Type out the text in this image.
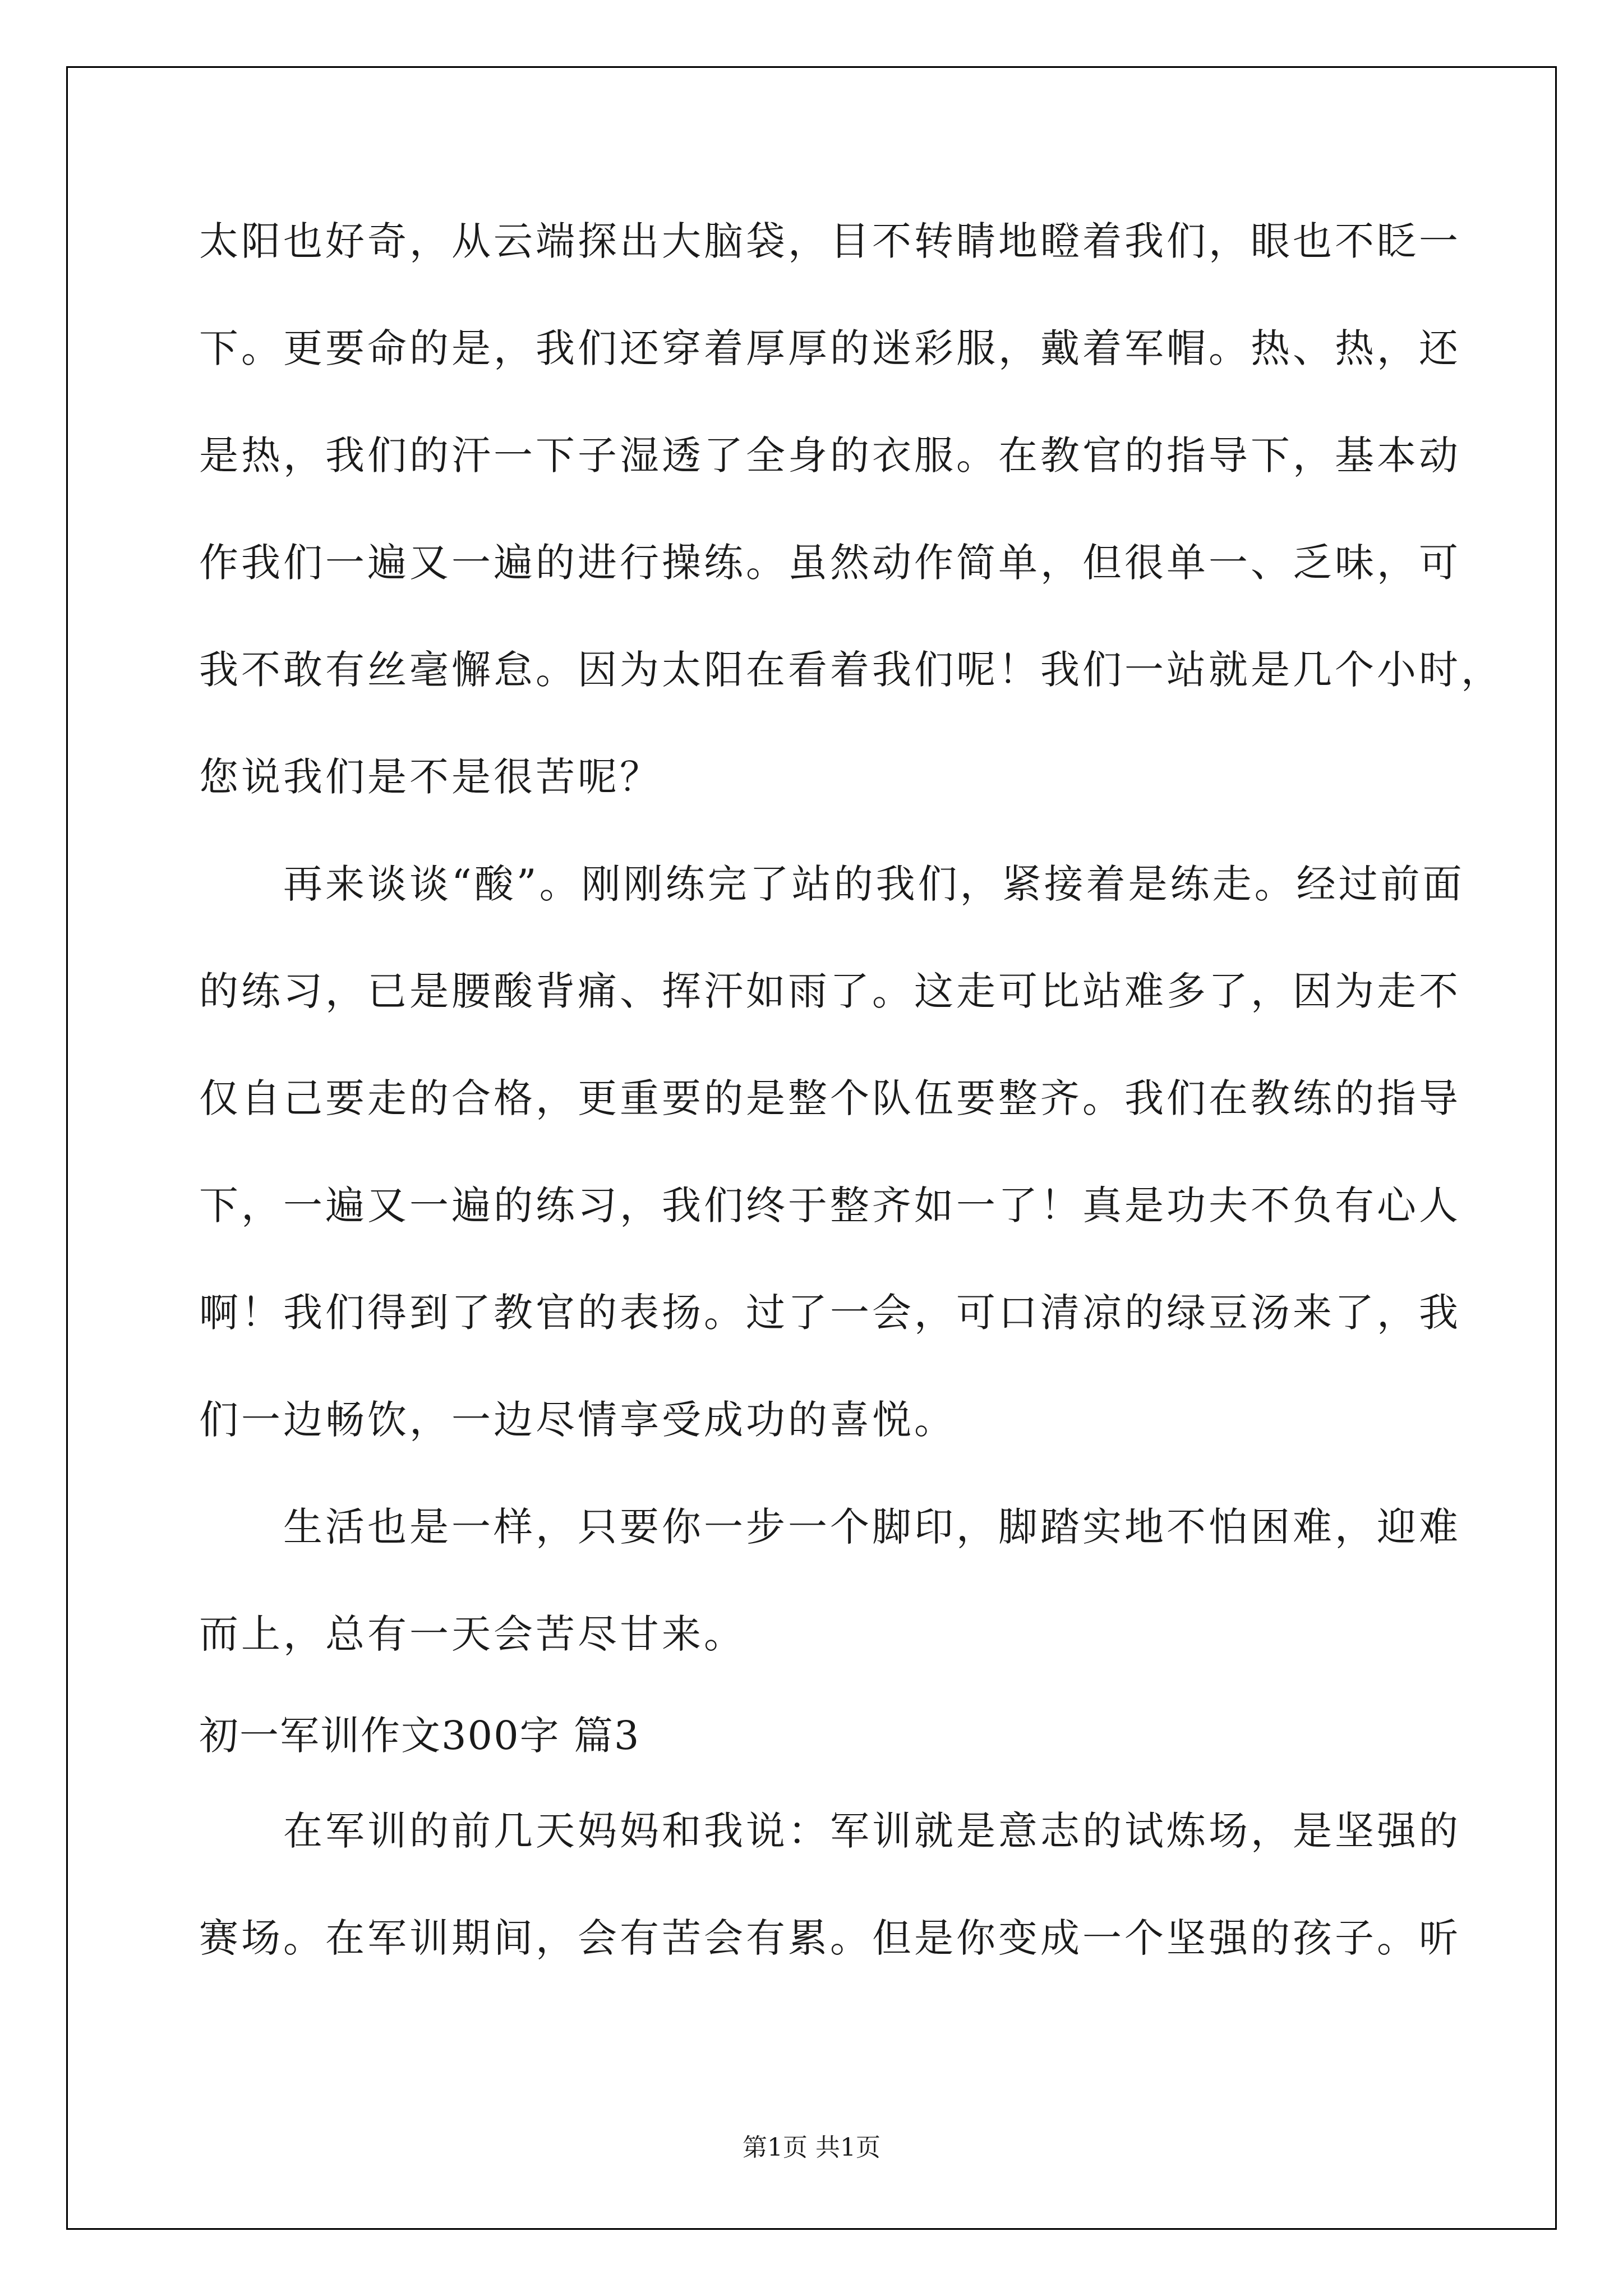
太阳也好奇，从云端探出大脑袋，目不转睛地瞪着我们，眼也不眨一
下。更要命的是，我们还穿着厚厚的迷彩服，戴着军帽。热、热，还
是热，我们的汗一下子湿透了全身的衣服。在教官的指导下，基本动
作我们一遍又一遍的进行操练。虽然动作简单，但很单一、乏味，可
我不敢有丝毫懈怠。因为太阳在看着我们呢！我们一站就是几个小时，
您说我们是不是很苦呢？
再来谈谈“酸”。刚刚练完了站的我们，紧接着是练走。经过前面
的练习，已是腰酸背痛、挥汗如雨了。这走可比站难多了，因为走不
仅自己要走的合格，更重要的是整个队伍要整齐。我们在教练的指导
下，一遍又一遍的练习，我们终于整齐如一了！真是功夫不负有心人
啊！我们得到了教官的表扬。过了一会，可口清凉的绿豆汤来了，我
们一边畅饮，一边尽情享受成功的喜悦。
生活也是一样，只要你一步一个脚印，脚踏实地不怕困难，迎难
而上，总有一天会苦尽甘来。
初一军训作文300字 篇3
在军训的前几天妈妈和我说：军训就是意志的试炼场，是坚强的
赛场。在军训期间，会有苦会有累。但是你变成一个坚强的孩子。听
第1页 共1页
